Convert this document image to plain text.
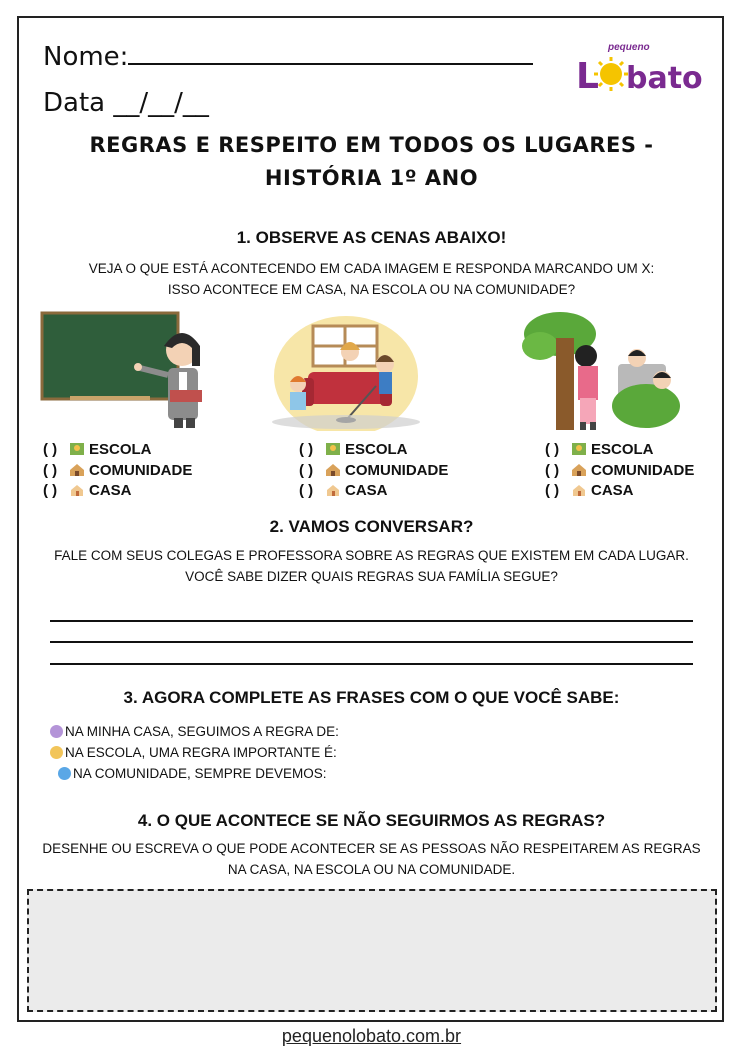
Nome:
Data __/__/__
pequeno
L bato
REGRAS E RESPEITO EM TODOS OS LUGARES -
HISTÓRIA 1º ANO
1. OBSERVE AS CENAS ABAIXO!
VEJA O QUE ESTÁ ACONTECENDO EM CADA IMAGEM E RESPONDA MARCANDO UM X:
ISSO ACONTECE EM CASA, NA ESCOLA OU NA COMUNIDADE?
( ) ESCOLA
( ) COMUNIDADE
( ) CASA
( ) ESCOLA
( ) COMUNIDADE
( ) CASA
( ) ESCOLA
( ) COMUNIDADE
( ) CASA
2. VAMOS CONVERSAR?
FALE COM SEUS COLEGAS E PROFESSORA SOBRE AS REGRAS QUE EXISTEM EM CADA LUGAR.
VOCÊ SABE DIZER QUAIS REGRAS SUA FAMÍLIA SEGUE?
3. AGORA COMPLETE AS FRASES COM O QUE VOCÊ SABE:
NA MINHA CASA, SEGUIMOS A REGRA DE:
NA ESCOLA, UMA REGRA IMPORTANTE É:
NA COMUNIDADE, SEMPRE DEVEMOS:
4. O QUE ACONTECE SE NÃO SEGUIRMOS AS REGRAS?
DESENHE OU ESCREVA O QUE PODE ACONTECER SE AS PESSOAS NÃO RESPEITAREM AS REGRAS
NA CASA, NA ESCOLA OU NA COMUNIDADE.
pequenolobato.com.br
